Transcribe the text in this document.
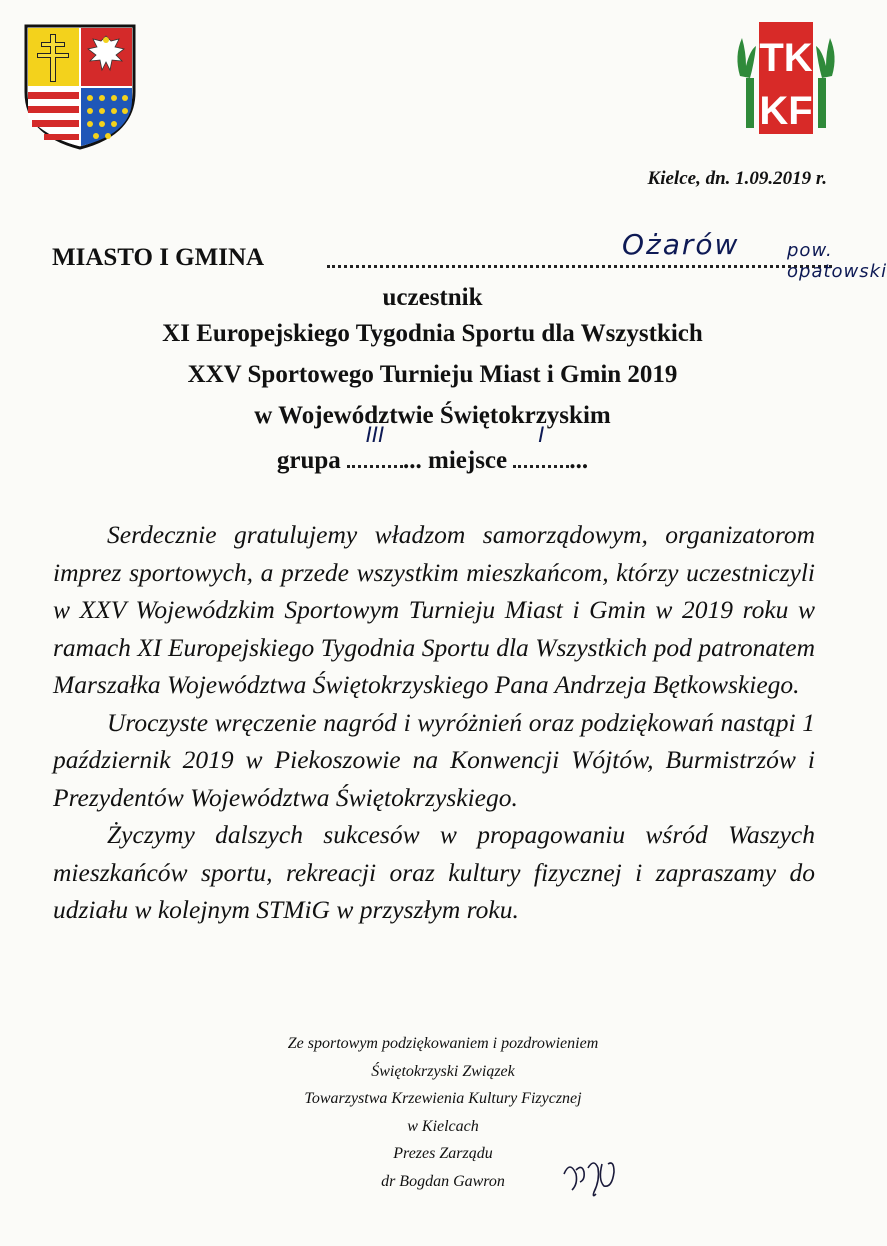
TK
KF
Kielce, dn. 1.09.2019 r.
MIASTO I GMINA	Ożarów	pow. opatowski
uczestnik
XI Europejskiego Tygodnia Sportu dla Wszystkich
XXV Sportowego Turnieju Miast i Gmin 2019
w Województwie Świętokrzyskim
grupa
III
... miejsce
I
...

Serdecznie gratulujemy władzom samorządowym, organizatorom imprez sportowych, a przede wszystkim mieszkańcom, którzy uczestniczyli w XXV Wojewódzkim Sportowym Turnieju Miast i Gmin w 2019 roku w ramach XI Europejskiego Tygodnia Sportu dla Wszystkich pod patronatem Marszałka Województwa Świętokrzyskiego Pana Andrzeja Bętkowskiego.

Uroczyste wręczenie nagród i wyróżnień oraz podziękowań nastąpi 1 październik 2019 w Piekoszowie na Konwencji Wójtów, Burmistrzów i Prezydentów Województwa Świętokrzyskiego.

Życzymy dalszych sukcesów w propagowaniu wśród Waszych mieszkańców sportu, rekreacji oraz kultury fizycznej i zapraszamy do udziału w kolejnym STMiG w przyszłym roku.

Ze sportowym podziękowaniem i pozdrowieniem
Świętokrzyski Związek
Towarzystwa Krzewienia Kultury Fizycznej
w Kielcach
Prezes Zarządu
dr Bogdan Gawron
